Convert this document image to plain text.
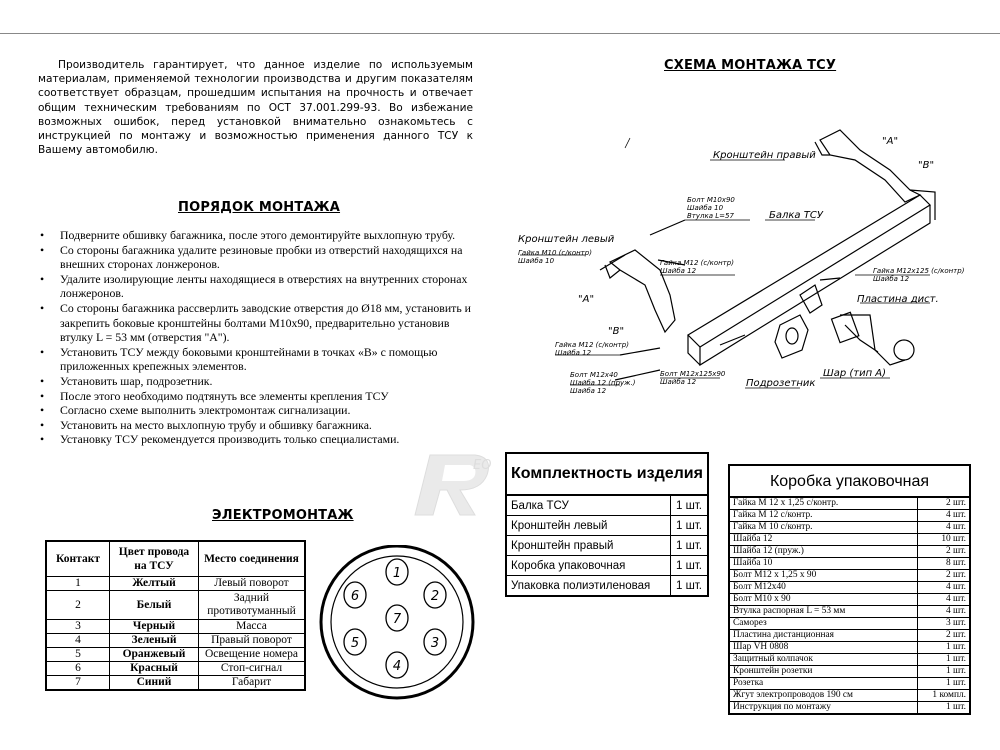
Производитель гарантирует, что данное изделие по используемым материалам, применяемой технологии производства и другим показателям соответствует образцам, прошедшим испытания на прочность и отвечает общим техническим требованиям по ОСТ 37.001.299-93. Во избежание возможных ошибок, перед установкой внимательно ознакомьтесь с инструкцией по монтажу и возможностью применения данного ТСУ к Вашему автомобилю.

ПОРЯДОК МОНТАЖА
• Подверните обшивку багажника, после этого демонтируйте выхлопную трубу.
• Со стороны багажника удалите резиновые пробки из отверстий находящихся на внешних сторонах лонжеронов.
• Удалите изолирующие ленты находящиеся в отверстиях на внутренних сторонах лонжеронов.
• Со стороны багажника рассверлить заводские отверстия до Ø18 мм, установить и закрепить боковые кронштейны болтами М10х90, предварительно установив втулку L = 53 мм (отверстия "A").
• Установить ТСУ между боковыми кронштейнами в точках «В» с помощью приложенных крепежных элементов.
• Установить шар, подрозетник.
• После этого необходимо подтянуть все элементы крепления ТСУ
• Согласно схеме выполнить электромонтаж сигнализации.
• Установить на место выхлопную трубу и обшивку багажника.
• Установку ТСУ рекомендуется производить только специалистами.
ЭЛЕКТРОМОНТАЖ
Контакт	Цвет провода на ТСУ	Место соединения
1	Желтый	Левый поворот
2	Белый	Задний противотуманный
3	Черный	Масса
4	Зеленый	Правый поворот
5	Оранжевый	Освещение номера
6	Красный	Стоп-сигнал
7	Синий	Габарит
1
2
3
4
5
6
7
СХЕМА МОНТАЖА ТСУ
Кронштейн правый
Кронштейн левый
Балка ТСУ
Пластина дист.
Подрозетник
Шар (тип А)
"А"
"В"
"А"
"В"
Болт М10х90
Шайба 10
Втулка L=57
Гайка М10 (с/контр)
Шайба 10	Гайка М12 (с/контр)
Шайба 12	Гайка М12х125 (с/контр)
Шайба 12
Гайка М12 (с/контр)
Шайба 12
Болт М12х40
Шайба 12 (пруж.)
Шайба 12
Болт М12х125х90
Шайба 12
ЕО Комплектность изделия	
Балка ТСУ	1 шт.
Кронштейн левый	1 шт.
Кронштейн правый	1 шт.
Коробка упаковочная	1 шт.
Упаковка полиэтиленовая	1 шт.
Коробка упаковочная	
Гайка М 12 х 1,25 с/контр.	2 шт.
Гайка М 12 с/контр.	4 шт.
Гайка М 10 с/контр.	4 шт.
Шайба 12	10 шт.
Шайба 12 (пруж.)	2 шт.
Шайба 10	8 шт.
Болт М12 х 1,25 х 90	2 шт.
Болт М12х40	4 шт.
Болт М10 х 90	4 шт.
Втулка распорная L = 53 мм	4 шт.
Саморез	3 шт.
Пластина дистанционная	2 шт.
Шар VH 0808	1 шт.
Защитный колпачок	1 шт.
Кронштейн розетки	1 шт.
Розетка	1 шт.
Жгут электропроводов 190 см	1 компл.
Инструкция по монтажу	1 шт.
